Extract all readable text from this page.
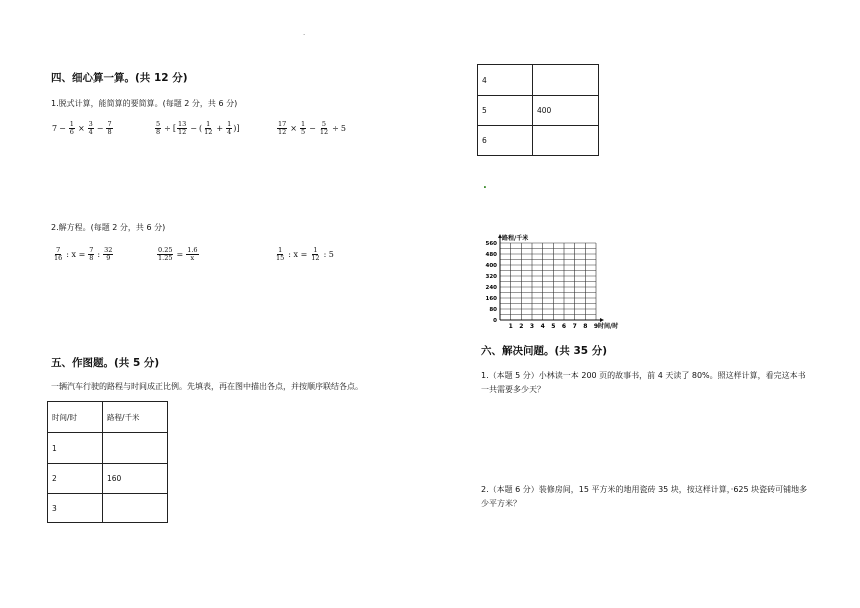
·
四、细心算一算。(共 12 分)
1.脱式计算，能简算的要简算。(每题 2 分，共 6 分)
$7 - \frac{1}{6} \times \frac{3}{4} - \frac{7}{8}$	$\frac{5}{8}$ ÷ [ $\frac{13}{12}$ − ( $\frac{1}{12} + \frac{1}{4}$ ) ]	$\frac{17}{12} \times \frac{1}{5} - \frac{5}{12} \div 5$
2.解方程。(每题 2 分，共 6 分)
$\frac{7}{16}$ : $x = \frac{7}{8}$ : $\frac{32}{9}$	$\frac{0.25}{1.25} = \frac{1.6}{x}$	$\frac{1}{15}$ : $x = \frac{1}{12}$ : 5
五、作图题。(共 5 分)
一辆汽车行驶的路程与时间成正比例。先填表，再在图中描出各点，并按顺序联结各点。
时间/时	路程/千米
1	
2	160
3	
4	
5	400
6	
.
1 2 3 4 5 6 7 8 9
0
80
160
240
320
400
480
560
路程/千米
时间/时
六、解决问题。(共 35 分)
1.（本题 5 分）小林读一本 200 页的故事书，前 4 天读了 80%。照这样计算，看完这本书一共需要多少天？
2.（本题 6 分）装修房间，15 平方米的地用瓷砖 35 块，按这样计算，·625 块瓷砖可铺地多少平方米？
